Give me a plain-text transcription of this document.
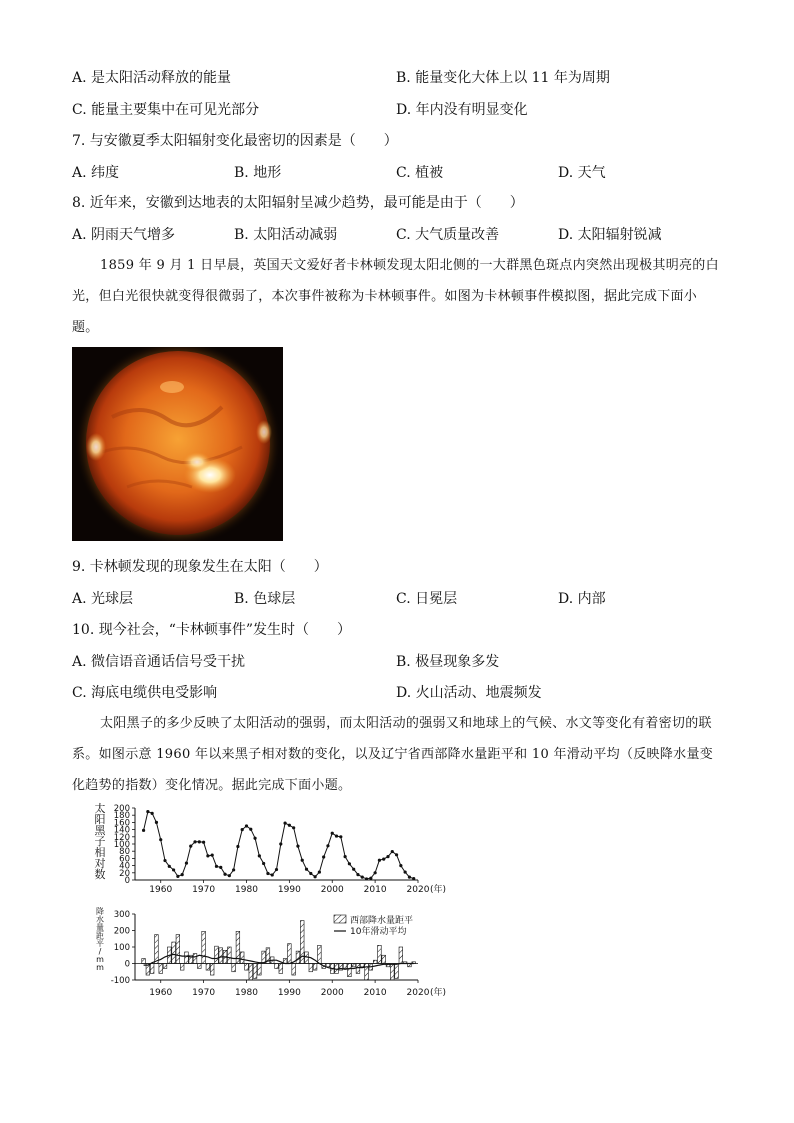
A. 是太阳活动释放的能量	B. 能量变化大体上以 11 年为周期
C. 能量主要集中在可见光部分	D. 年内没有明显变化
7. 与安徽夏季太阳辐射变化最密切的因素是（　　）
A. 纬度	B. 地形	C. 植被	D. 天气
8. 近年来，安徽到达地表的太阳辐射呈减少趋势，最可能是由于（　　）
A. 阴雨天气增多	B. 太阳活动减弱	C. 大气质量改善	D. 太阳辐射锐减

1859 年 9 月 1 日早晨，英国天文爱好者卡林顿发现太阳北侧的一大群黑色斑点内突然出现极其明亮的白光，但白光很快就变得很微弱了，本次事件被称为卡林顿事件。如图为卡林顿事件模拟图，据此完成下面小题。

9. 卡林顿发现的现象发生在太阳（　　）
A. 光球层	B. 色球层	C. 日冕层	D. 内部
10. 现今社会，“卡林顿事件”发生时（　　）
A. 微信语音通话信号受干扰	B. 极昼现象多发
C. 海底电缆供电受影响	D. 火山活动、地震频发

太阳黑子的多少反映了太阳活动的强弱，而太阳活动的强弱又和地球上的气候、水文等变化有着密切的联系。如图示意 1960 年以来黑子相对数的变化，以及辽宁省西部降水量距平和 10 年滑动平均（反映降水量变化趋势的指数）变化情况。据此完成下面小题。

0
20
40
60
80
100
120
140
160
180
200
1960 1970 1980 1990 2000 2010 2020 (年)
太
阳
黑
子
相
对
数
-100
0
100
200
300
1960 1970 1980 1990 2000 2010 2020 (年)
降
水
量
距
平
/
m
m
西部降水量距平
10年滑动平均
